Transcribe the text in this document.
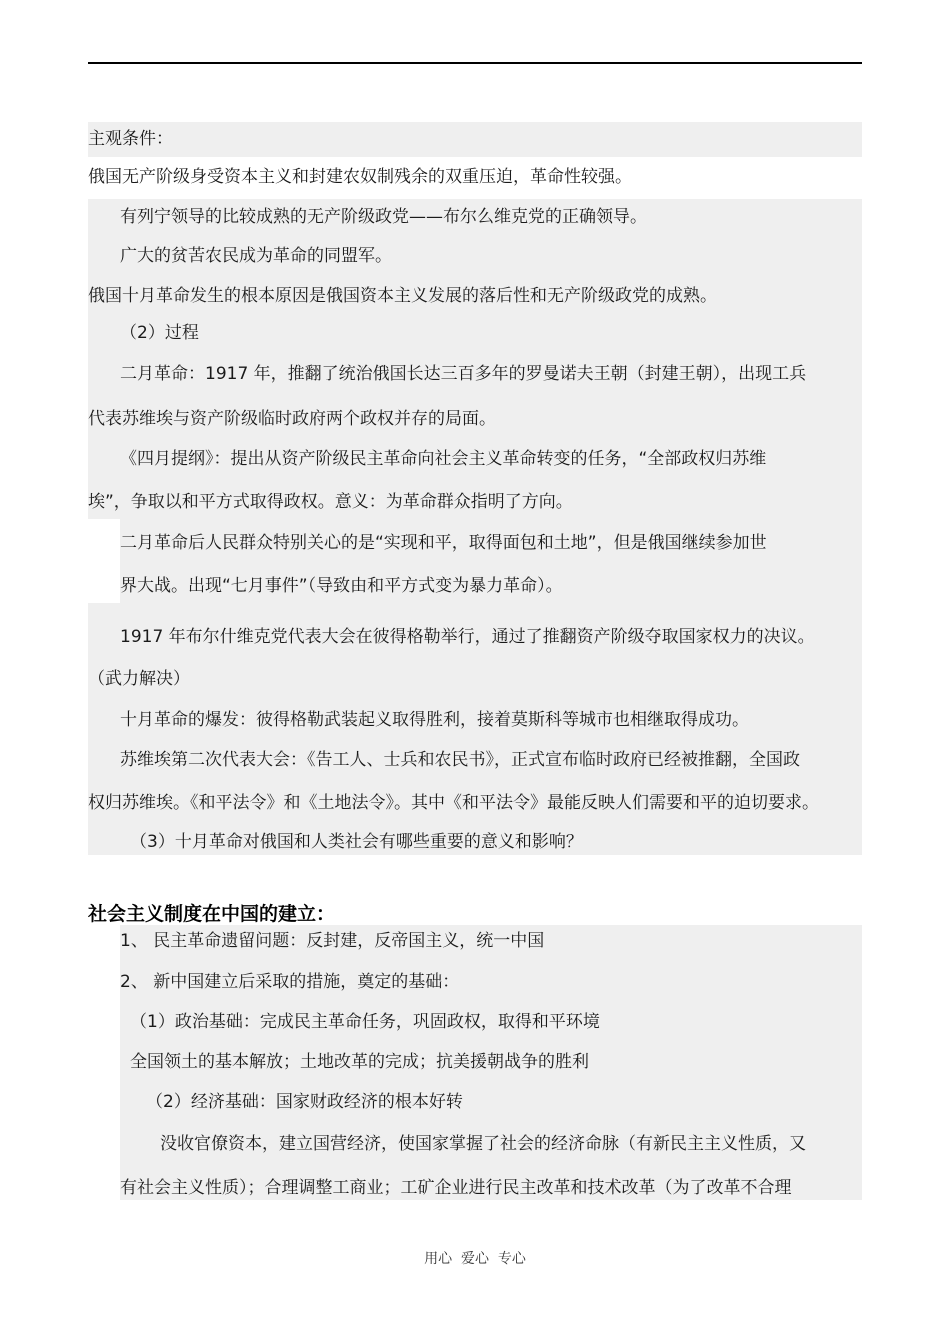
主观条件：
俄国无产阶级身受资本主义和封建农奴制残余的双重压迫，革命性较强。
有列宁领导的比较成熟的无产阶级政党——布尔么维克党的正确领导。
广大的贫苦农民成为革命的同盟军。
俄国十月革命发生的根本原因是俄国资本主义发展的落后性和无产阶级政党的成熟。
（2）过程
二月革命：1917 年，推翻了统治俄国长达三百多年的罗曼诺夫王朝（封建王朝），出现工兵
代表苏维埃与资产阶级临时政府两个政权并存的局面。
《四月提纲》：提出从资产阶级民主革命向社会主义革命转变的任务，“全部政权归苏维
埃”，争取以和平方式取得政权。意义：为革命群众指明了方向。
二月革命后人民群众特别关心的是“实现和平，取得面包和土地”，但是俄国继续参加世
界大战。出现“七月事件”（导致由和平方式变为暴力革命）。
1917 年布尔什维克党代表大会在彼得格勒举行，通过了推翻资产阶级夺取国家权力的决议。
（武力解决）
十月革命的爆发：彼得格勒武装起义取得胜利，接着莫斯科等城市也相继取得成功。
苏维埃第二次代表大会：《告工人、士兵和农民书》，正式宣布临时政府已经被推翻，全国政
权归苏维埃。《和平法令》和《土地法令》。其中《和平法令》最能反映人们需要和平的迫切要求。
（3）十月革命对俄国和人类社会有哪些重要的意义和影响？
社会主义制度在中国的建立：
1、 民主革命遗留问题：反封建，反帝国主义，统一中国
2、 新中国建立后采取的措施，奠定的基础：
（1）政治基础：完成民主革命任务，巩固政权，取得和平环境
全国领土的基本解放；土地改革的完成；抗美援朝战争的胜利
（2）经济基础：国家财政经济的根本好转
没收官僚资本，建立国营经济，使国家掌握了社会的经济命脉（有新民主主义性质，又
有社会主义性质）；合理调整工商业；工矿企业进行民主改革和技术改革（为了改革不合理
用心  爱心  专心
